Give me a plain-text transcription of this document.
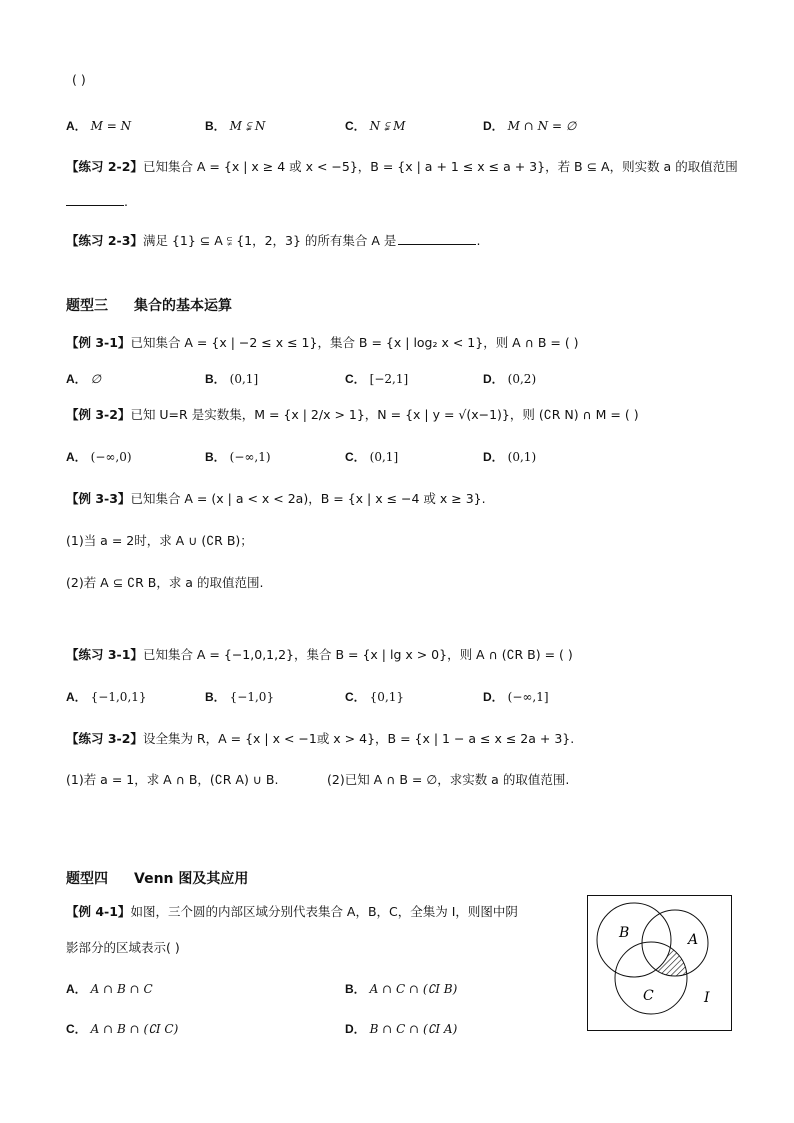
( )
A． M = N	B． M ⫋ N	C． N ⫋ M	D． M ∩ N = ∅
【练习 2-2】已知集合 A = {x | x ≥ 4 或 x < −5}，B = {x | a + 1 ≤ x ≤ a + 3}，若 B ⊆ A，则实数 a 的取值范围
.
【练习 2-3】满足 {1} ⊆ A ⫋ {1，2，3} 的所有集合 A 是	.
题型三 集合的基本运算
【例 3-1】已知集合 A = {x | −2 ≤ x ≤ 1}，集合 B = {x | log₂ x < 1}，则 A ∩ B = ( )
A． ∅	B． (0,1]	C． [−2,1]	D． (0,2)
【例 3-2】已知 U=R 是实数集，M = {x | 2/x > 1}，N = {x | y = √(x−1)}，则 (∁R N) ∩ M = ( )
A． (−∞,0)	B． (−∞,1)	C． (0,1]	D． (0,1)
【例 3-3】已知集合 A = (x | a < x < 2a)，B = {x | x ≤ −4 或 x ≥ 3}.
(1)当 a = 2时，求 A ∪ (∁R B)；
(2)若 A ⊆ ∁R B，求 a 的取值范围.
【练习 3-1】已知集合 A = {−1,0,1,2}，集合 B = {x | lg x > 0}，则 A ∩ (∁R B) = ( )
A． {−1,0,1}	B． {−1,0}	C． {0,1}	D． (−∞,1]
【练习 3-2】设全集为 R，A = {x | x < −1或 x > 4}，B = {x | 1 − a ≤ x ≤ 2a + 3}.
(1)若 a = 1，求 A ∩ B，(∁R A) ∪ B.	(2)已知 A ∩ B = ∅，求实数 a 的取值范围.
题型四 Venn 图及其应用
【例 4-1】如图，三个圆的内部区域分别代表集合 A，B，C，全集为 I，则图中阴
影部分的区域表示( )
A． A ∩ B ∩ C	B． A ∩ C ∩ (∁I B)
C． A ∩ B ∩ (∁I C)	D． B ∩ C ∩ (∁I A)
B	A
C	I
